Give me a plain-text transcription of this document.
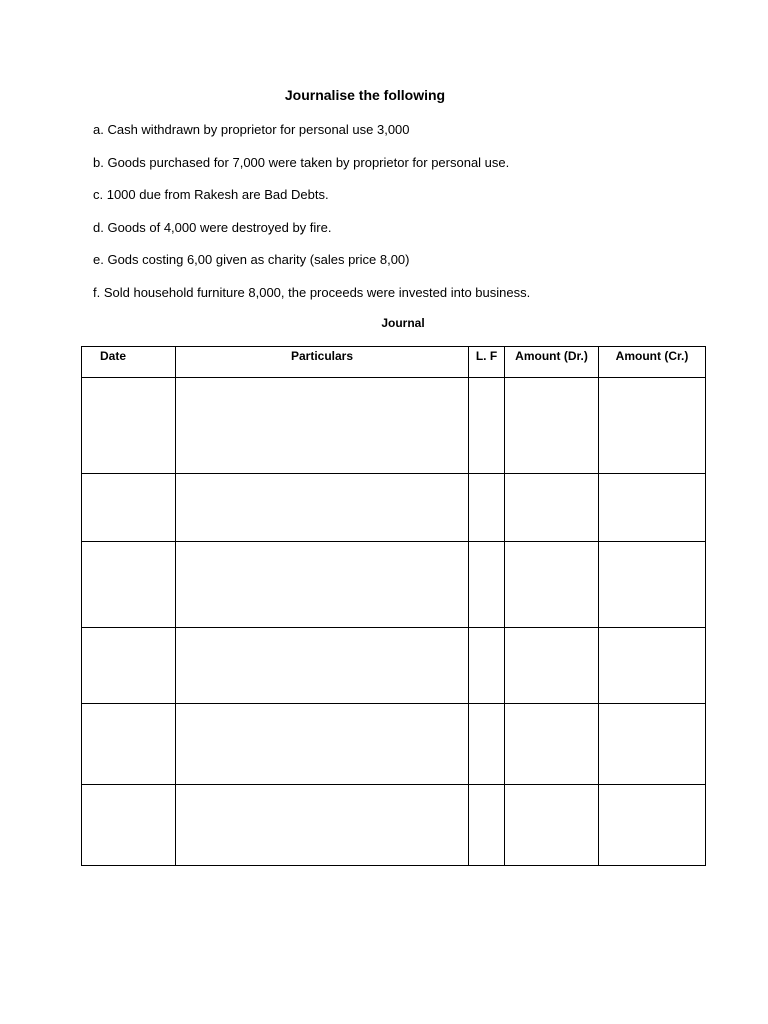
Journalise the following
a. Cash withdrawn by proprietor for personal use 3,000
b. Goods purchased for 7,000 were taken by proprietor for personal use.
c. 1000 due from Rakesh are Bad Debts.
d. Goods of 4,000 were destroyed by fire.
e. Gods costing 6,00 given as charity (sales price 8,00)
f. Sold household furniture 8,000, the proceeds were invested into business.
Journal
Date	Particulars	L. F	Amount (Dr.)	Amount (Cr.)
